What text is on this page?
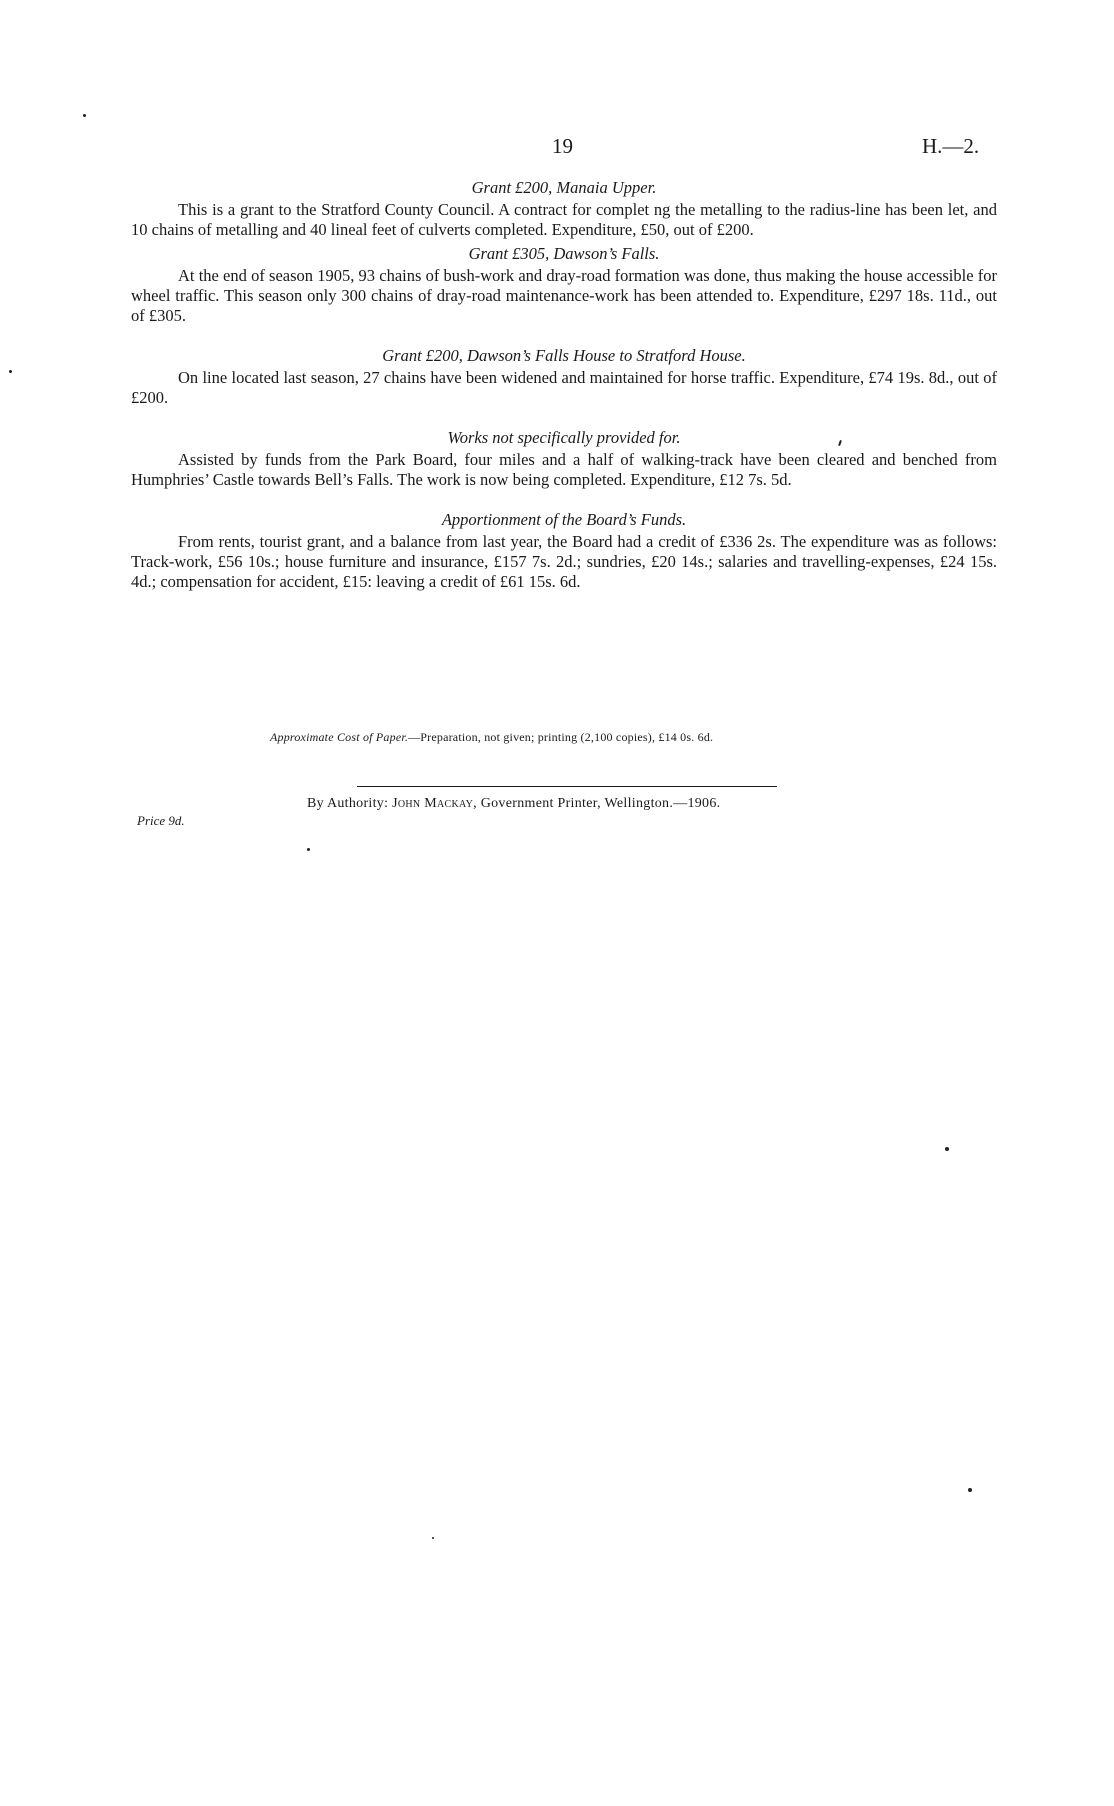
19	H.—2.

Grant £200, Manaia Upper.

This is a grant to the Stratford County Council. A contract for complet ng the metalling to the radius-line has been let, and 10 chains of metalling and 40 lineal feet of culverts completed. Expenditure, £50, out of £200.

Grant £305, Dawson’s Falls.

At the end of season 1905, 93 chains of bush-work and dray-road formation was done, thus making the house accessible for wheel traffic. This season only 300 chains of dray-road maintenance-work has been attended to. Expenditure, £297 18s. 11d., out of £305.

Grant £200, Dawson’s Falls House to Stratford House.

On line located last season, 27 chains have been widened and maintained for horse traffic. Expenditure, £74 19s. 8d., out of £200.

Works not specifically provided for.

Assisted by funds from the Park Board, four miles and a half of walking-track have been cleared and benched from Humphries’ Castle towards Bell’s Falls. The work is now being completed. Expenditure, £12 7s. 5d.

Apportionment of the Board’s Funds.

From rents, tourist grant, and a balance from last year, the Board had a credit of £336 2s. The expenditure was as follows: Track-work, £56 10s.; house furniture and insurance, £157 7s. 2d.; sundries, £20 14s.; salaries and travelling-expenses, £24 15s. 4d.; compensation for accident, £15: leaving a credit of £61 15s. 6d.

Approximate Cost of Paper.—Preparation, not given; printing (2,100 copies), £14 0s. 6d.
By Authority: John Mackay, Government Printer, Wellington.—1906.
Price 9d.
